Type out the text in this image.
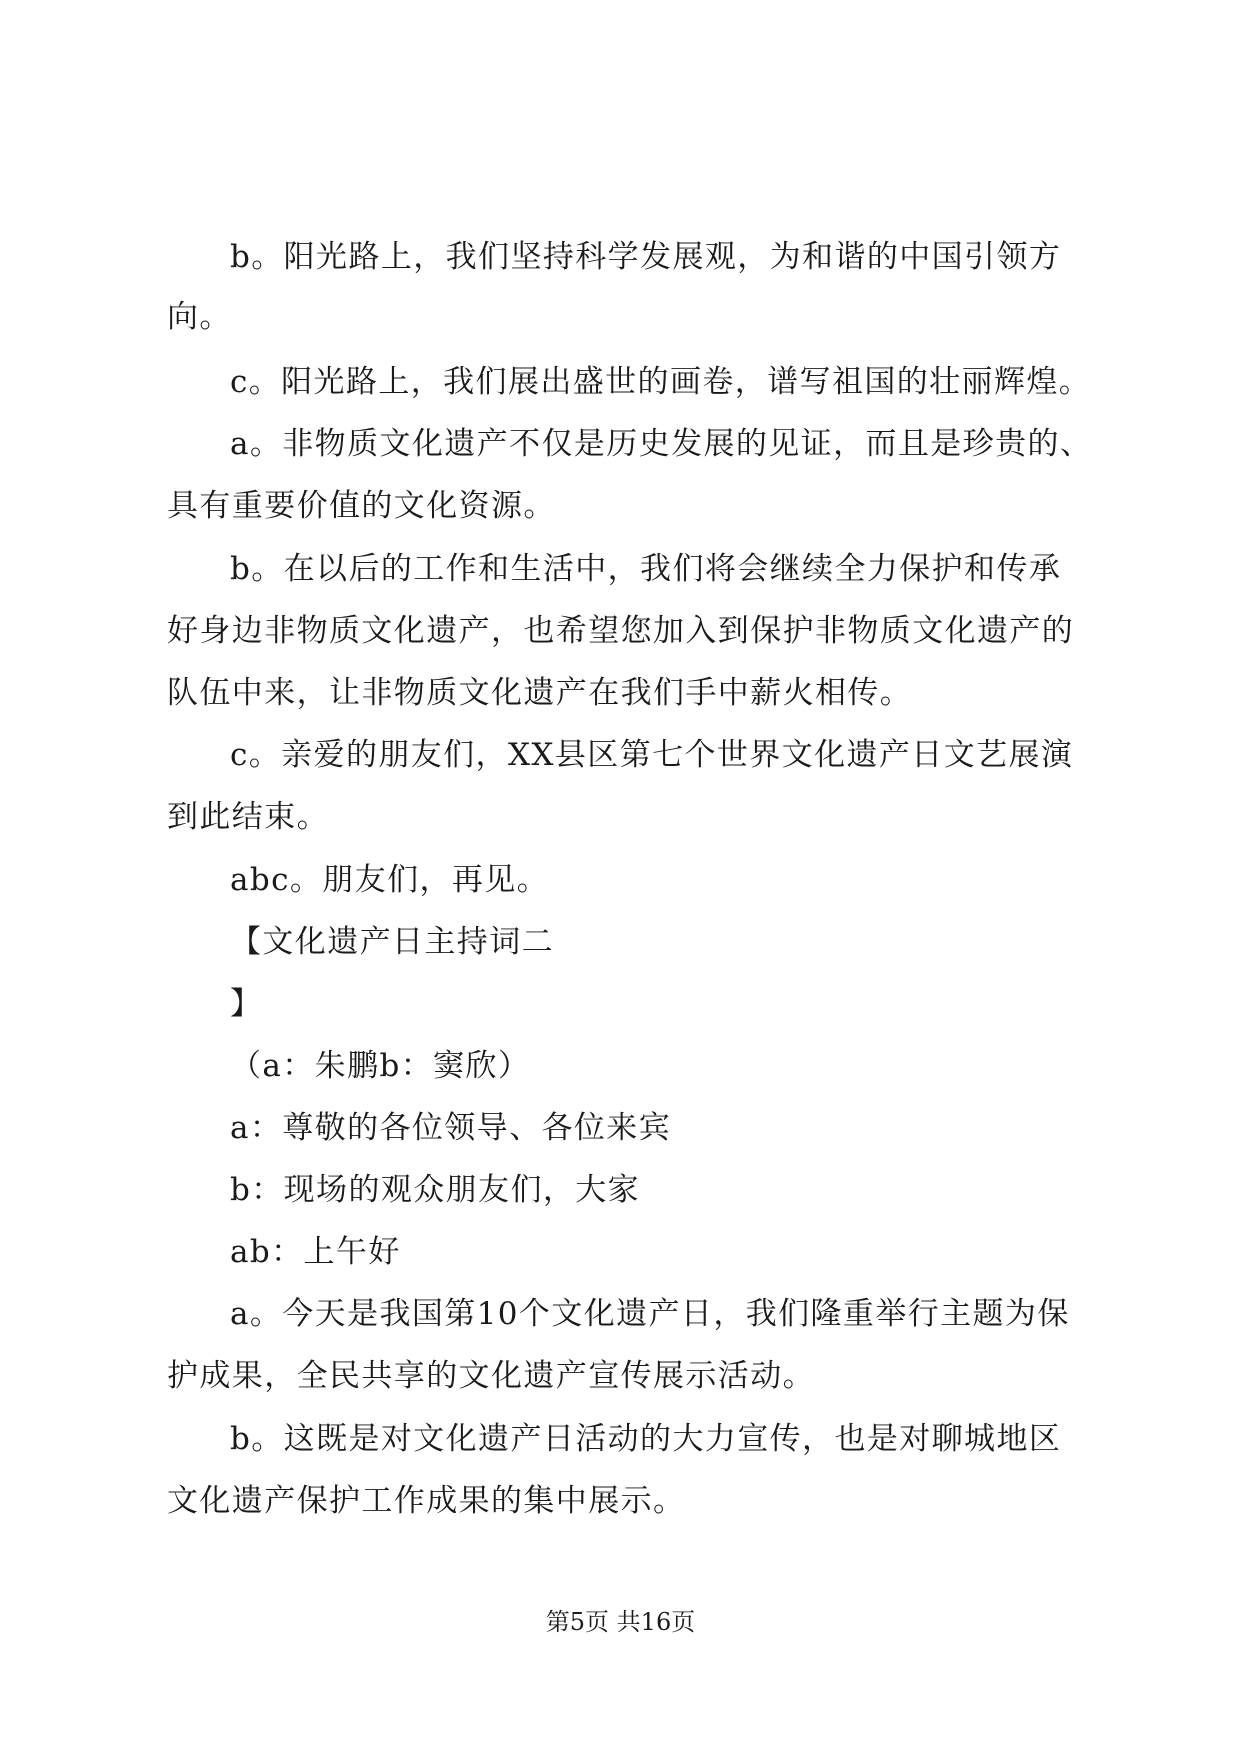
b。阳光路上，我们坚持科学发展观，为和谐的中国引领方
向。
c。阳光路上，我们展出盛世的画卷，谱写祖国的壮丽辉煌。
a。非物质文化遗产不仅是历史发展的见证，而且是珍贵的、
具有重要价值的文化资源。
b。在以后的工作和生活中，我们将会继续全力保护和传承
好身边非物质文化遗产，也希望您加入到保护非物质文化遗产的
队伍中来，让非物质文化遗产在我们手中薪火相传。
c。亲爱的朋友们，XX县区第七个世界文化遗产日文艺展演
到此结束。
abc。朋友们，再见。
【文化遗产日主持词二
】
（a：朱鹏b：窦欣）
a：尊敬的各位领导、各位来宾
b：现场的观众朋友们，大家
ab：上午好
a。今天是我国第10个文化遗产日，我们隆重举行主题为保
护成果，全民共享的文化遗产宣传展示活动。
b。这既是对文化遗产日活动的大力宣传，也是对聊城地区
文化遗产保护工作成果的集中展示。
第5页 共16页
